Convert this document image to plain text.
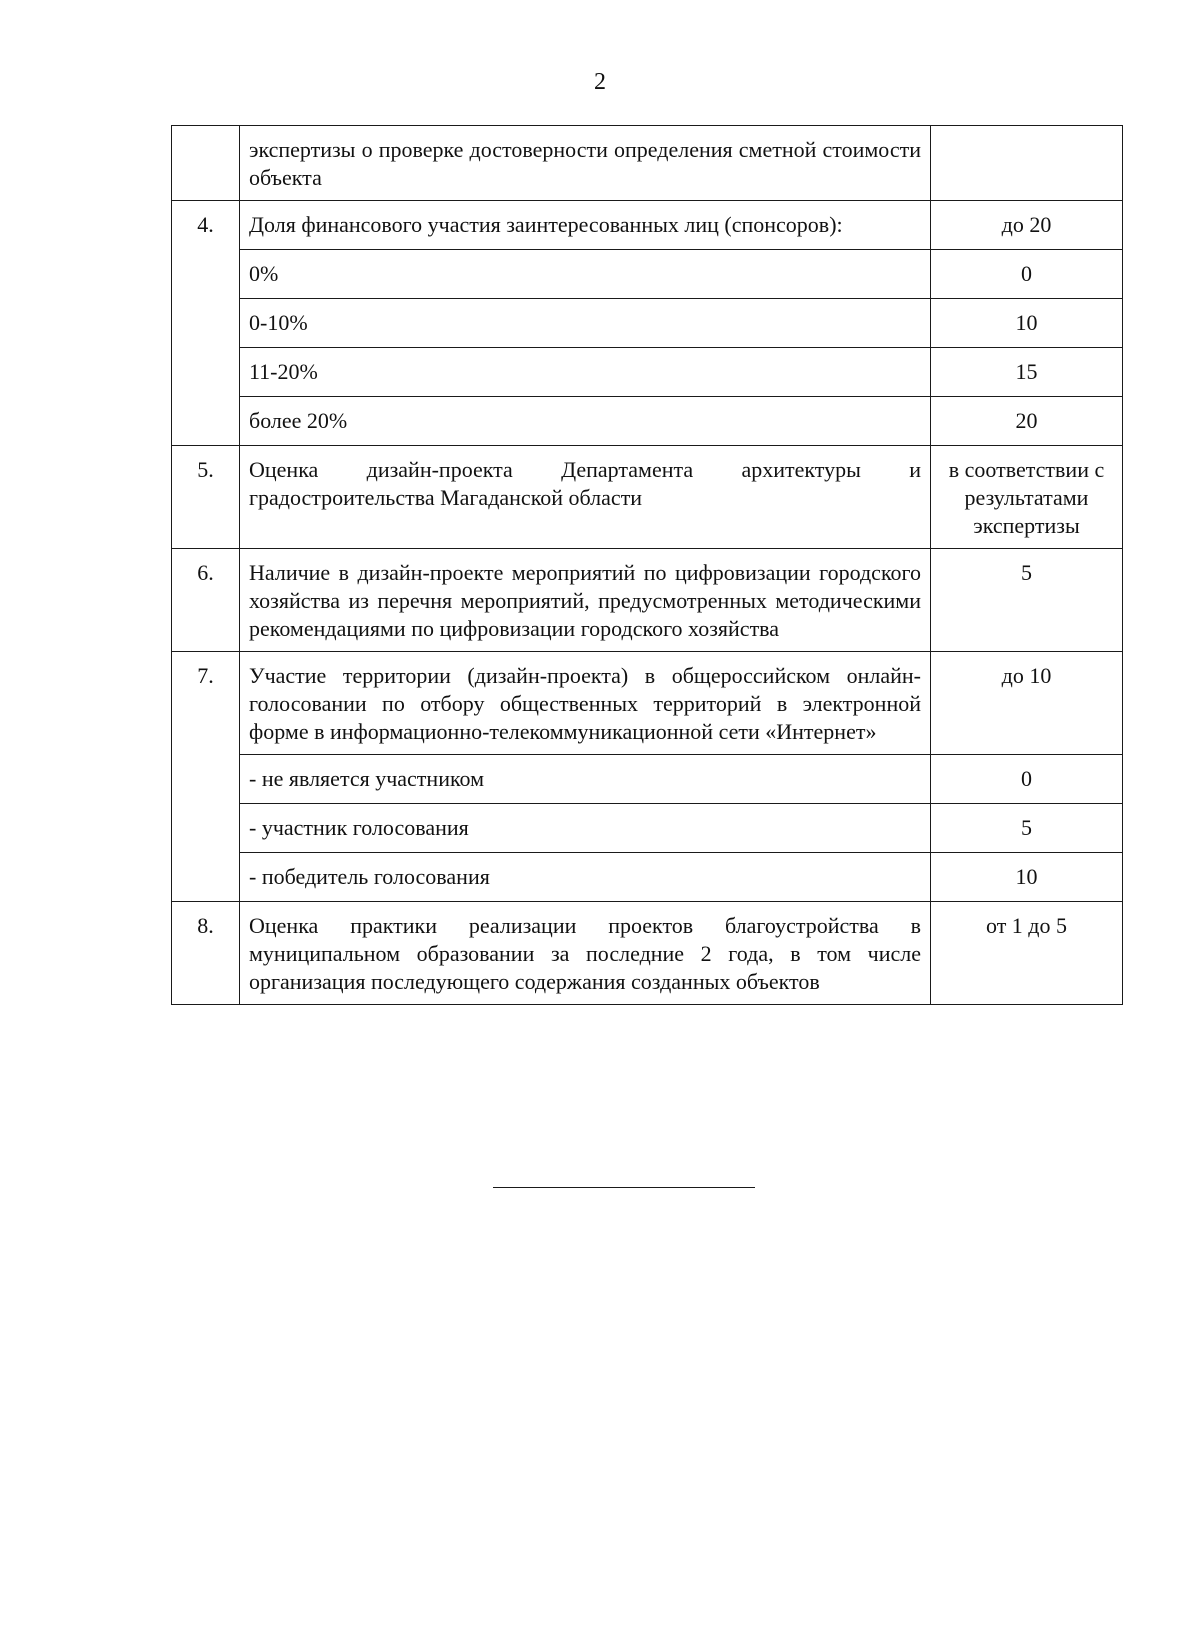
2
	экспертизы о проверке достоверности определения сметной стоимости объекта	
4.	Доля финансового участия заинтересованных лиц (спонсоров):	до 20
	0%	0
	0-10%	10
	11-20%	15
	более 20%	20
5.	Оценка дизайн-проекта Департамента архитектуры и градостроительства Магаданской области	в соответствии с результатами экспертизы
6.	Наличие в дизайн-проекте мероприятий по цифровизации городского хозяйства из перечня мероприятий, предусмотренных методическими рекомендациями по цифровизации городского хозяйства	5
7.	Участие территории (дизайн-проекта) в общероссийском онлайн-голосовании по отбору общественных территорий в электронной форме в информационно-телекоммуникационной сети «Интернет»	до 10
	- не является участником	0
	- участник голосования	5
	- победитель голосования	10
8.	Оценка практики реализации проектов благоустройства в муниципальном образовании за последние 2 года, в том числе организация последующего содержания созданных объектов	от 1 до 5
